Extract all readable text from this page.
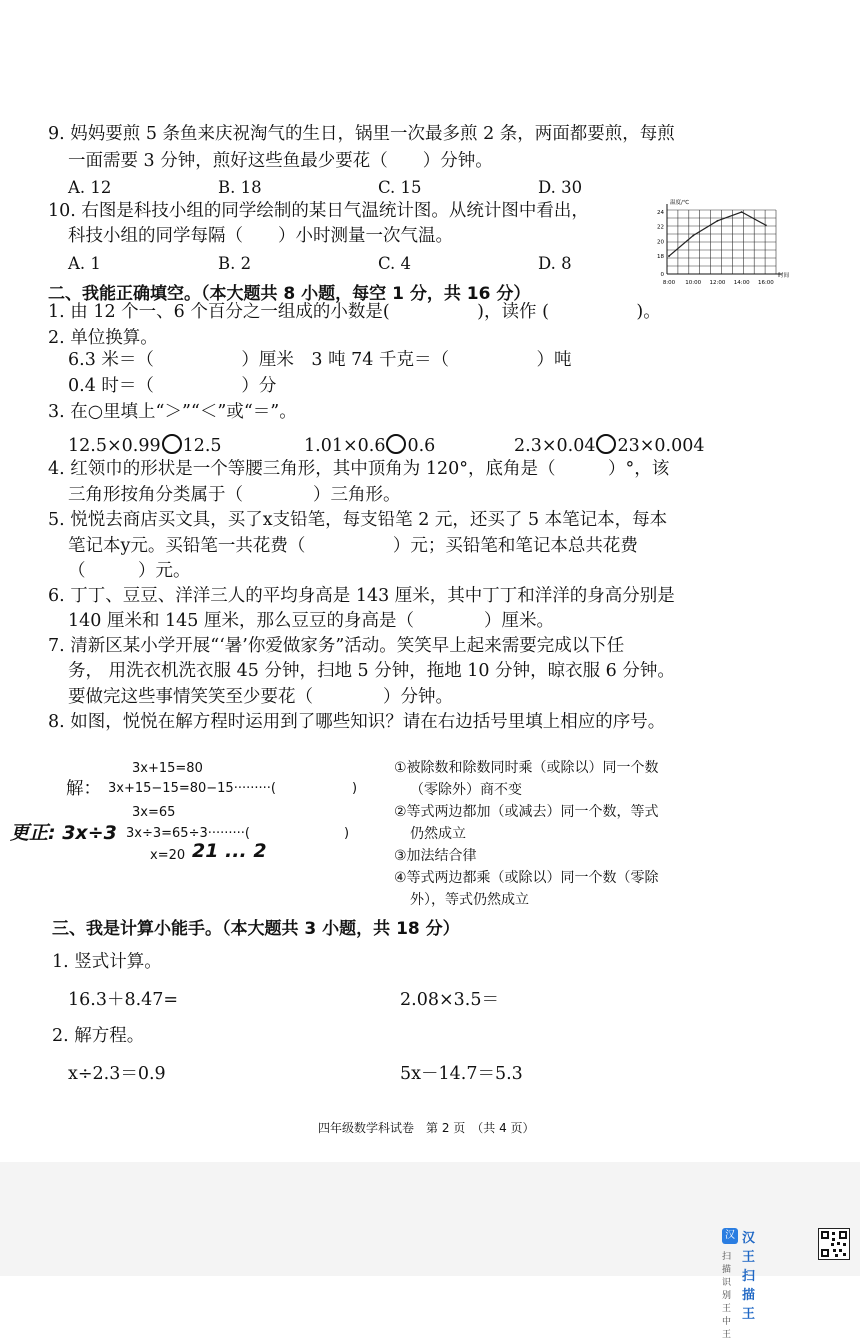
9. 妈妈要煎 5 条鱼来庆祝淘气的生日，锅里一次最多煎 2 条，两面都要煎，每煎
一面需要 3 分钟，煎好这些鱼最少要花（　　）分钟。
A. 12	B. 18	C. 15	D. 30
10. 右图是科技小组的同学绘制的某日气温统计图。从统计图中看出，
科技小组的同学每隔（　　）小时测量一次气温。
A. 1	B. 2	C. 4	D. 8
温度/℃
时间
0
18
20
22
24
8:00 10:00 12:00 14:00 16:00
二、我能正确填空。（本大题共 8 小题，每空 1 分，共 16 分）
1. 由 12 个一、6 个百分之一组成的小数是(　　　　　)，读作 (　　　　　)。
2. 单位换算。
6.3 米＝（　　　　　）厘米　3 吨 74 千克＝（　　　　　）吨
0.4 时＝（　　　　　）分
3. 在○里填上“＞”“＜”或“＝”。
12.5×0.99 12.5	1.01×0.6 0.6	2.3×0.04 23×0.004
4. 红领巾的形状是一个等腰三角形，其中顶角为 120°，底角是（　　　）°，该
三角形按角分类属于（　　　　）三角形。
5. 悦悦去商店买文具，买了x支铅笔，每支铅笔 2 元，还买了 5 本笔记本，每本
笔记本y元。买铅笔一共花费（　　　　　）元；买铅笔和笔记本总共花费
（　　　）元。
6. 丁丁、豆豆、洋洋三人的平均身高是 143 厘米，其中丁丁和洋洋的身高分别是
140 厘米和 145 厘米，那么豆豆的身高是（　　　　）厘米。
7. 清新区某小学开展“‘暑’你爱做家务”活动。笑笑早上起来需要完成以下任
务， 用洗衣机洗衣服 45 分钟，扫地 5 分钟，拖地 10 分钟，晾衣服 6 分钟。
要做完这些事情笑笑至少要花（　　　　）分钟。
8. 如图，悦悦在解方程时运用到了哪些知识？请在右边括号里填上相应的序号。
3x+15=80
解： 3x+15−15=80−15·········(	)
3x=65
3x÷3=65÷3·········(	)
x=20
更正: 3x÷3
21 ... 2
①被除数和除数同时乘（或除以）同一个数
（零除外）商不变
②等式两边都加（或减去）同一个数，等式
仍然成立
③加法结合律
④等式两边都乘（或除以）同一个数（零除
外），等式仍然成立
三、我是计算小能手。（本大题共 3 小题，共 18 分）
1. 竖式计算。
16.3＋8.47=	2.08×3.5＝
2. 解方程。
x÷2.3＝0.9	5x－14.7＝5.3
四年级数学科试卷　第 2 页　（共 4 页）
汉 汉王扫描王
扫描识别王中王
